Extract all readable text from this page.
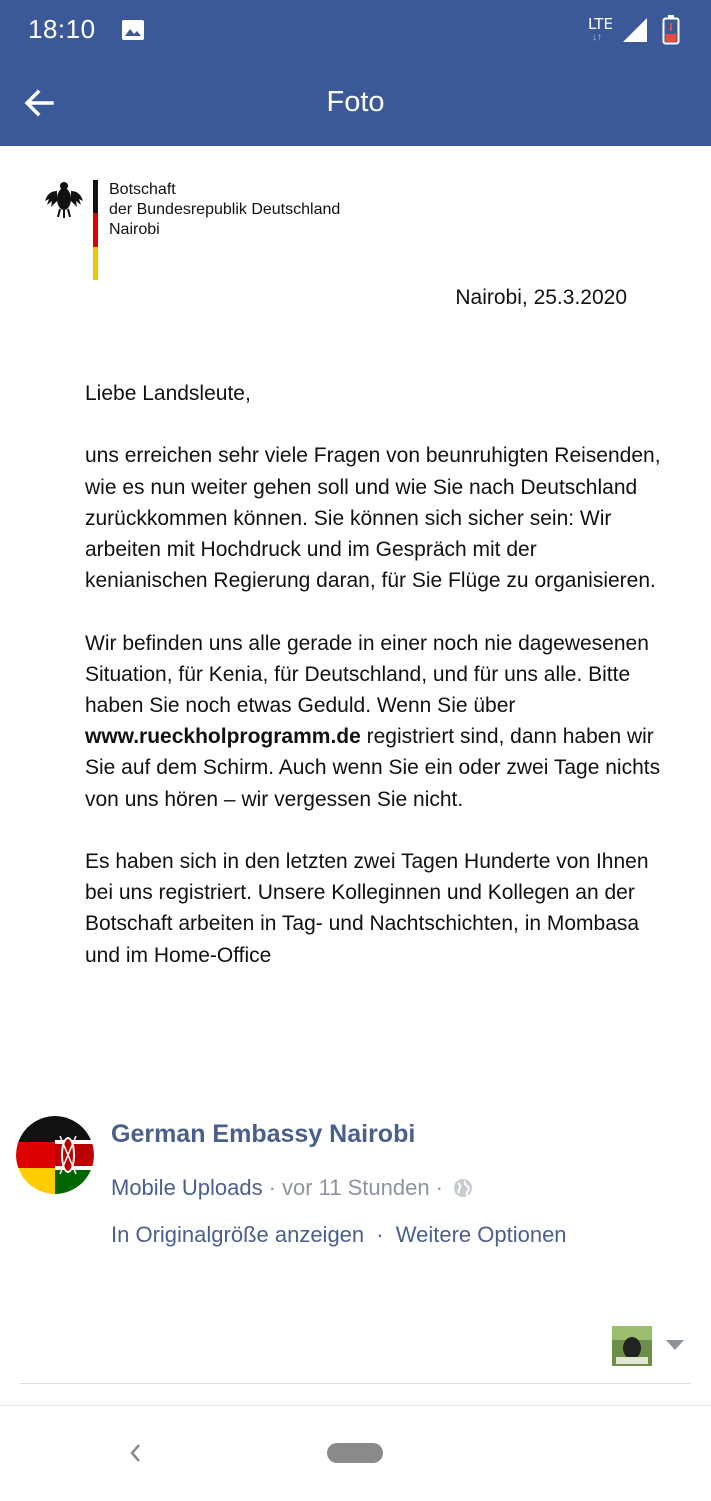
18:10	LTE
↓↑
Foto
Botschaft
der Bundesrepublik Deutschland
Nairobi
Nairobi, 25.3.2020

Liebe Landsleute,

uns erreichen sehr viele Fragen von beunruhigten Reisenden, wie es nun weiter gehen soll und wie Sie nach Deutschland zurückkommen können. Sie können sich sicher sein: Wir arbeiten mit Hochdruck und im Gespräch mit der kenianischen Regierung daran, für Sie Flüge zu organisieren.

Wir befinden uns alle gerade in einer noch nie dagewesenen Situation, für Kenia, für Deutschland, und für uns alle. Bitte haben Sie noch etwas Geduld. Wenn Sie über www.rueckholprogramm.de registriert sind, dann haben wir Sie auf dem Schirm. Auch wenn Sie ein oder zwei Tage nichts von uns hören – wir vergessen Sie nicht.

Es haben sich in den letzten zwei Tagen Hunderte von Ihnen bei uns registriert. Unsere Kolleginnen und Kollegen an der Botschaft arbeiten in Tag- und Nachtschichten, in Mombasa und im Home-Office

German Embassy Nairobi
Mobile Uploads · vor 11 Stunden ·
In Originalgröße anzeigen · Weitere Optionen
